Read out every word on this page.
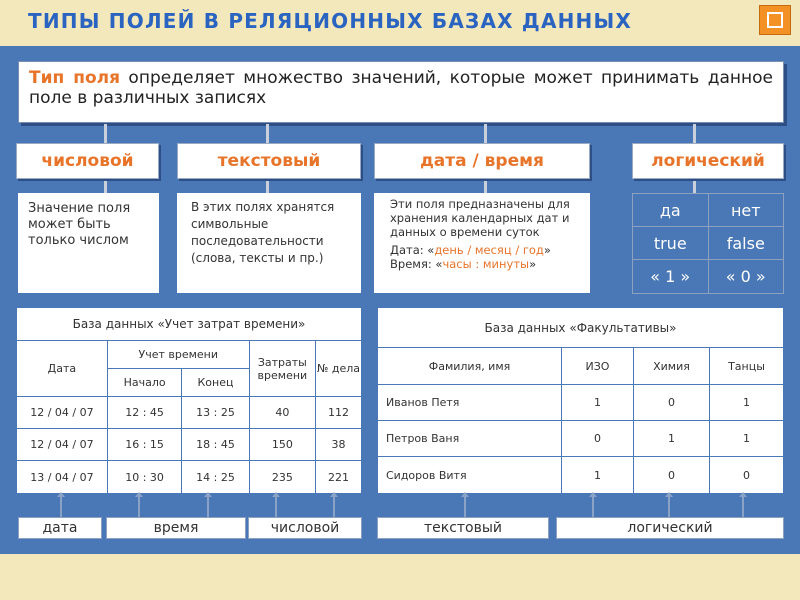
ТИПЫ ПОЛЕЙ В РЕЛЯЦИОННЫХ БАЗАХ ДАННЫХ
Тип поля определяет множество значений, которые может принимать данное поле в различных записях
числовой	текстовый	дата / время	логический
Значение поля может быть только числом
В этих полях хранятся символьные последовательности (слова, тексты и пр.)
Эти поля предназначены для хранения календарных дат и данных о времени суток
Дата: «день / месяц / год»
Время: «часы : минуты»
да	нет
true	false
« 1 »	« 0 »
База данных «Учет затрат времени»				
Дата	Учет времени		Затраты времени	№ дела
	Начало	Конец		
12 / 04 / 07	12 : 45	13 : 25	40	112
12 / 04 / 07	16 : 15	18 : 45	150	38
13 / 04 / 07	10 : 30	14 : 25	235	221
База данных «Факультативы»			
Фамилия, имя	ИЗО	Химия	Танцы
Иванов Петя	1	0	1
Петров Ваня	0	1	1
Сидоров Витя	1	0	0
дата	время	числовой	текстовый	логический
